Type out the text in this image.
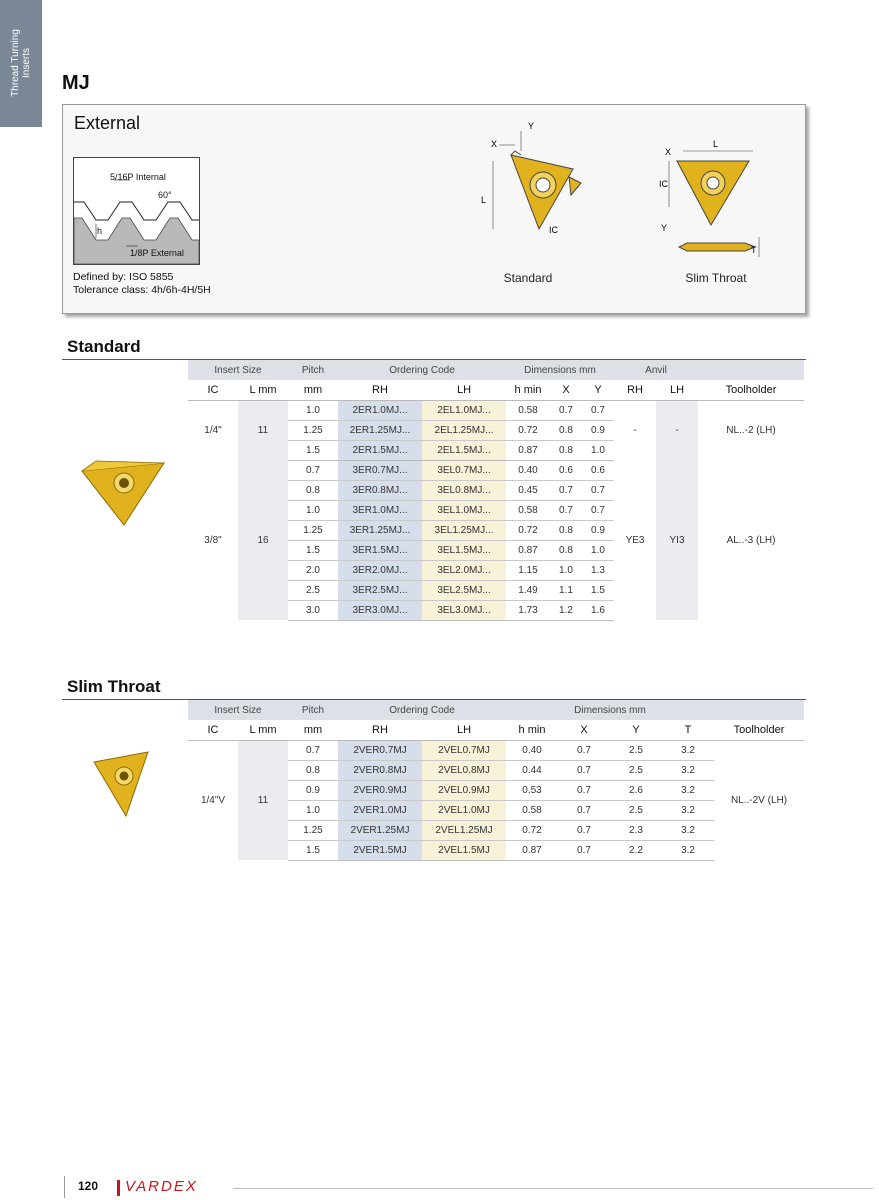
Thread Turning
Inserts
MJ
External
5/16P Internal
60°
h
1/8P External
Defined by: ISO 5855
Tolerance class: 4h/6h-4H/5H
L
X
Y
IC
Standard
L
X
IC
Y
T
Slim Throat
Standard
Insert Size		Pitch	Ordering Code		Dimensions mm			Anvil		
IC	L mm	mm	RH	LH	h min	X	Y	RH	LH	Toolholder
1/4"	11	1.0	2ER1.0MJ...	2EL1.0MJ...	0.58	0.7	0.7	-	-	NL..-2 (LH)
		1.25	2ER1.25MJ...	2EL1.25MJ...	0.72	0.8	0.9			
		1.5	2ER1.5MJ...	2EL1.5MJ...	0.87	0.8	1.0			
3/8"	16	0.7	3ER0.7MJ...	3EL0.7MJ...	0.40	0.6	0.6	YE3	YI3	AL..-3 (LH)
		0.8	3ER0.8MJ...	3EL0.8MJ...	0.45	0.7	0.7			
		1.0	3ER1.0MJ...	3EL1.0MJ...	0.58	0.7	0.7			
		1.25	3ER1.25MJ...	3EL1.25MJ...	0.72	0.8	0.9			
		1.5	3ER1.5MJ...	3EL1.5MJ...	0.87	0.8	1.0			
		2.0	3ER2.0MJ...	3EL2.0MJ...	1.15	1.0	1.3			
		2.5	3ER2.5MJ...	3EL2.5MJ...	1.49	1.1	1.5			
		3.0	3ER3.0MJ...	3EL3.0MJ...	1.73	1.2	1.6			
Slim Throat
Insert Size		Pitch	Ordering Code		Dimensions mm				
IC	L mm	mm	RH	LH	h min	X	Y	T	Toolholder
1/4"V	11	0.7	2VER0.7MJ	2VEL0.7MJ	0.40	0.7	2.5	3.2	NL..-2V (LH)
		0.8	2VER0.8MJ	2VEL0.8MJ	0.44	0.7	2.5	3.2	
		0.9	2VER0.9MJ	2VEL0.9MJ	0.53	0.7	2.6	3.2	
		1.0	2VER1.0MJ	2VEL1.0MJ	0.58	0.7	2.5	3.2	
		1.25	2VER1.25MJ	2VEL1.25MJ	0.72	0.7	2.3	3.2	
		1.5	2VER1.5MJ	2VEL1.5MJ	0.87	0.7	2.2	3.2	
120 VARDEX
